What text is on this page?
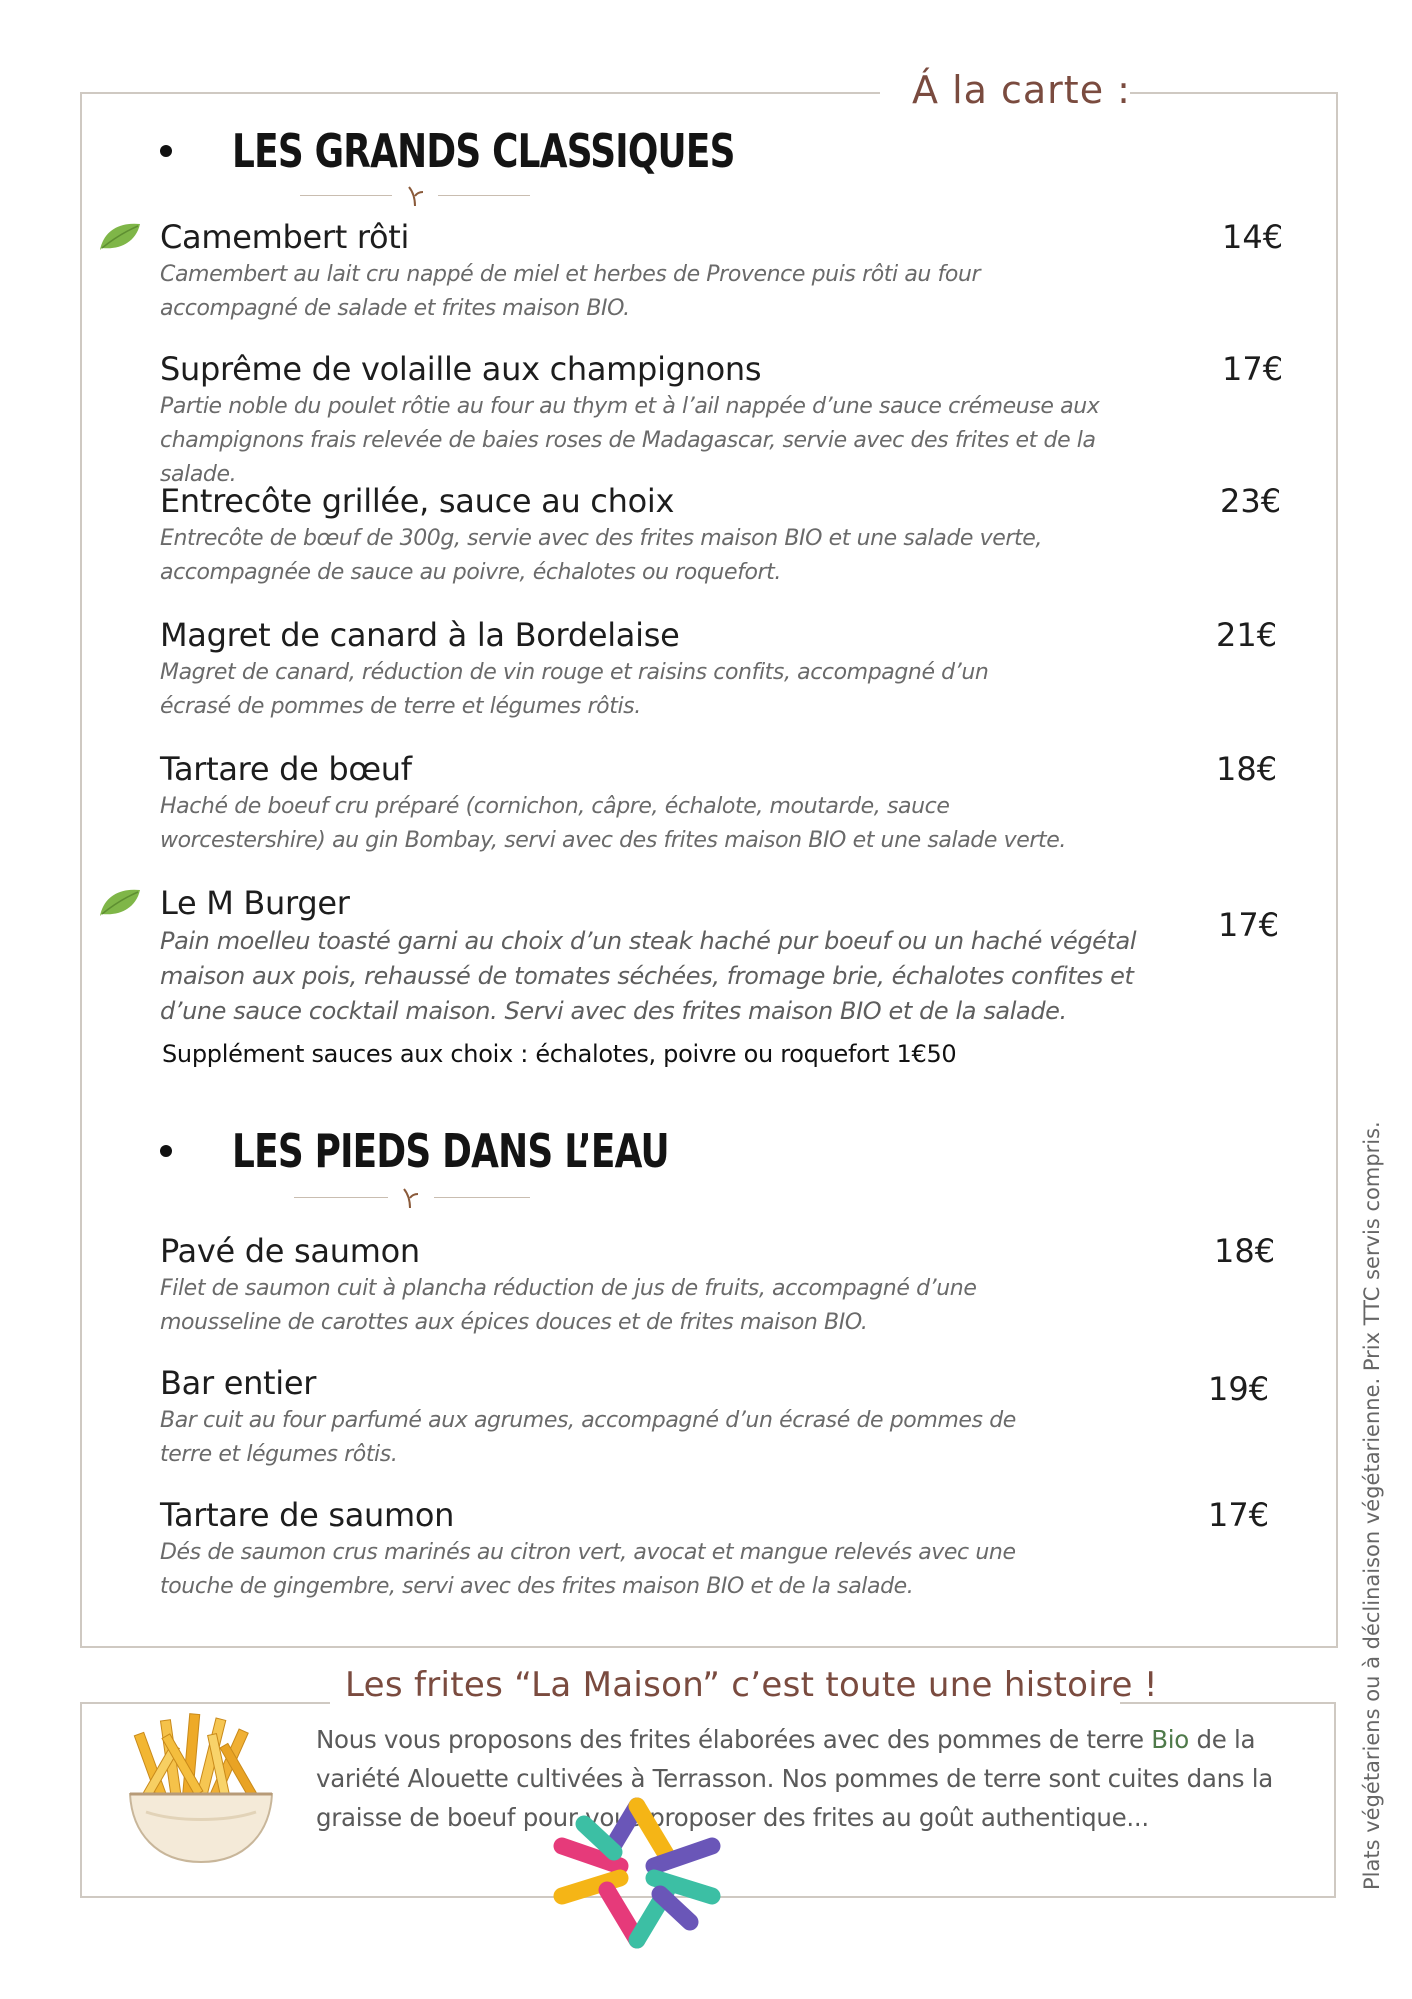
Á la carte :
LES GRANDS CLASSIQUES
Camembert rôti
Camembert au lait cru nappé de miel et herbes de Provence puis rôti au four
accompagné de salade et frites maison BIO.
14€
Suprême de volaille aux champignons
Partie noble du poulet rôtie au four au thym et à l’ail nappée d’une sauce crémeuse aux
champignons frais relevée de baies roses de Madagascar, servie avec des frites et de la
salade.
17€
Entrecôte grillée, sauce au choix
Entrecôte de bœuf de 300g, servie avec des frites maison BIO et une salade verte,
accompagnée de sauce au poivre, échalotes ou roquefort.
23€
Magret de canard à la Bordelaise
Magret de canard, réduction de vin rouge et raisins confits, accompagné d’un
écrasé de pommes de terre et légumes rôtis.
21€
Tartare de bœuf
Haché de boeuf cru préparé (cornichon, câpre, échalote, moutarde, sauce
worcestershire) au gin Bombay, servi avec des frites maison BIO et une salade verte.
18€
Le M Burger
Pain moelleu toasté garni au choix d’un steak haché pur boeuf ou un haché végétal
maison aux pois, rehaussé de tomates séchées, fromage brie, échalotes confites et
d’une sauce cocktail maison. Servi avec des frites maison BIO et de la salade.
17€
Supplément sauces aux choix : échalotes, poivre ou roquefort 1€50
LES PIEDS DANS L’EAU
Pavé de saumon
Filet de saumon cuit à plancha réduction de jus de fruits, accompagné d’une
mousseline de carottes aux épices douces et de frites maison BIO.
18€
Bar entier
Bar cuit au four parfumé aux agrumes, accompagné d’un écrasé de pommes de
terre et légumes rôtis.
19€
Tartare de saumon
Dés de saumon crus marinés au citron vert, avocat et mangue relevés avec une
touche de gingembre, servi avec des frites maison BIO et de la salade.
17€	Plats végétariens ou à déclinaison végétarienne. Prix TTC servis compris.
Les frites “La Maison” c’est toute une histoire !
Nous vous proposons des frites élaborées avec des pommes de terre Bio de la variété Alouette cultivées à Terrasson. Nos pommes de terre sont cuites dans la graisse de boeuf pour vous proposer des frites au goût authentique...
